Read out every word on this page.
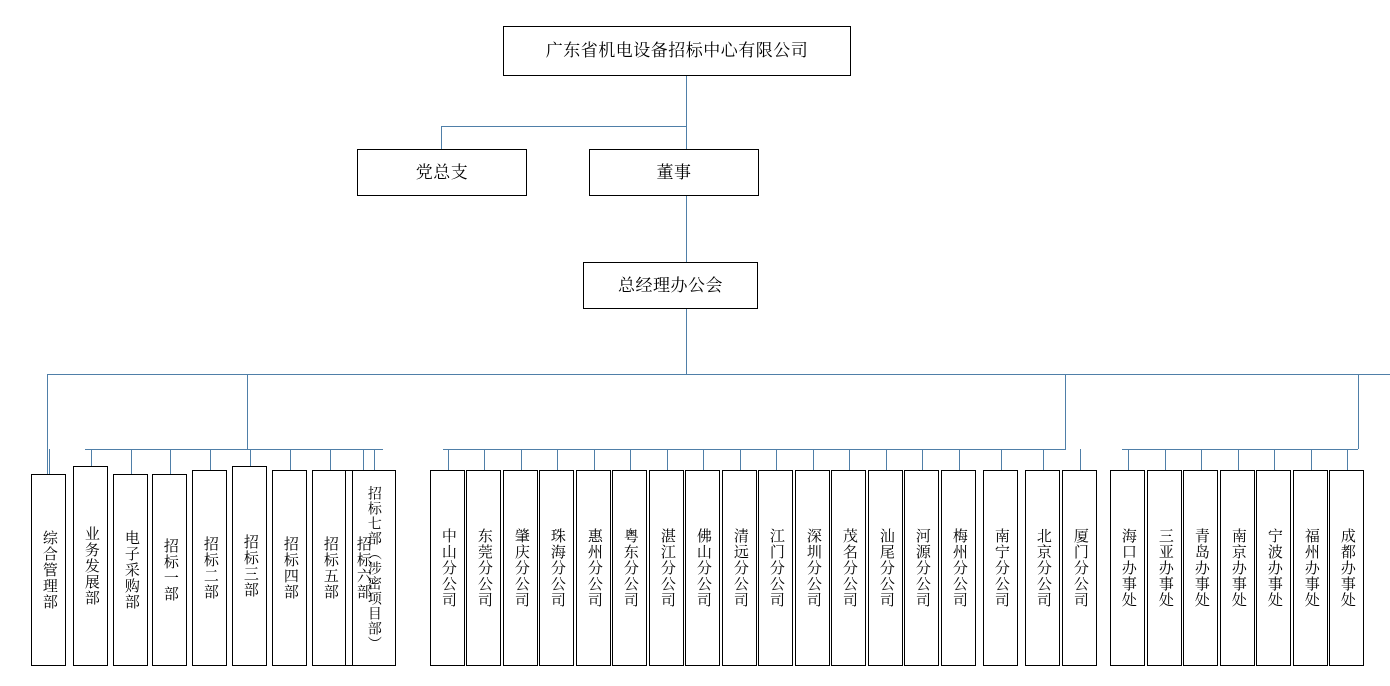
广东省机电设备招标中心有限公司
党总支	董事
总经理办公会
综合管理部 业务发展部 电子采购部 招标一部 招标二部 招标三部 招标四部 招标五部 招标六部
招标七部（涉密项目部）	中山分公司 东莞分公司 肇庆分公司 珠海分公司 惠州分公司 粤东分公司 湛江分公司 佛山分公司 清远分公司 江门分公司 深圳分公司 茂名分公司 汕尾分公司 河源分公司 梅州分公司 南宁分公司 北京分公司 厦门分公司 海口办事处 三亚办事处 青岛办事处 南京办事处 宁波办事处 福州办事处 成都办事处
